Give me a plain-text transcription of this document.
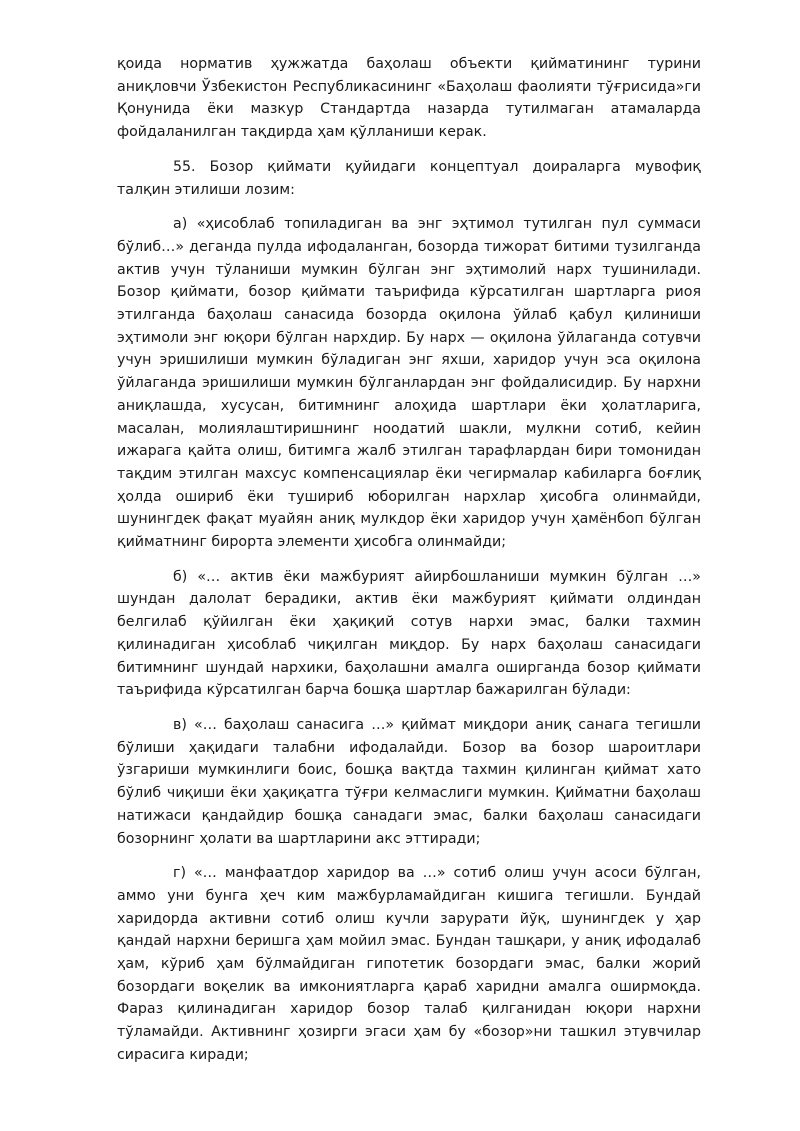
қоида норматив ҳужжатда баҳолаш объекти қийматининг турини аниқловчи Ўзбекистон Республикасининг «Баҳолаш фаолияти тўғрисида»ги Қонунида ёки мазкур Стандартда назарда тутилмаган атамаларда фойдаланилган тақдирда ҳам қўлланиши керак.

55. Бозор қиймати қуйидаги концептуал доираларга мувофиқ талқин этилиши лозим:

а) «ҳисоблаб топиладиган ва энг эҳтимол тутилган пул суммаси бўлиб…» деганда пулда ифодаланган, бозорда тижорат битими тузилганда актив учун тўланиши мумкин бўлган энг эҳтимолий нарх тушинилади. Бозор қиймати, бозор қиймати таърифида кўрсатилган шартларга риоя этилганда баҳолаш санасида бозорда оқилона ўйлаб қабул қилиниши эҳтимоли энг юқори бўлган нархдир. Бу нарх — оқилона ўйлаганда сотувчи учун эришилиши мумкин бўладиган энг яхши, харидор учун эса оқилона ўйлаганда эришилиши мумкин бўлганлардан энг фойдалисидир. Бу нархни аниқлашда, хусусан, битимнинг алоҳида шартлари ёки ҳолатларига, масалан, молиялаштиришнинг ноодатий шакли, мулкни сотиб, кейин ижарага қайта олиш, битимга жалб этилган тарафлардан бири томонидан тақдим этилган махсус компенсациялар ёки чегирмалар кабиларга боғлиқ ҳолда ошириб ёки тушириб юборилган нархлар ҳисобга олинмайди, шунингдек фақат муайян аниқ мулкдор ёки харидор учун ҳамёнбоп бўлган қийматнинг бирорта элементи ҳисобга олинмайди;

б) «… актив ёки мажбурият айирбошланиши мумкин бўлган …» шундан далолат берадики, актив ёки мажбурият қиймати олдиндан белгилаб қўйилган ёки ҳақиқий сотув нархи эмас, балки тахмин қилинадиган ҳисоблаб чиқилган миқдор. Бу нарх баҳолаш санасидаги битимнинг шундай нархики, баҳолашни амалга оширганда бозор қиймати таърифида кўрсатилган барча бошқа шартлар бажарилган бўлади:

в) «… баҳолаш санасига …» қиймат миқдори аниқ санага тегишли бўлиши ҳақидаги талабни ифодалайди. Бозор ва бозор шароитлари ўзгариши мумкинлиги боис, бошқа вақтда тахмин қилинган қиймат хато бўлиб чиқиши ёки ҳақиқатга тўғри келмаслиги мумкин. Қийматни баҳолаш натижаси қандайдир бошқа санадаги эмас, балки баҳолаш санасидаги бозорнинг ҳолати ва шартларини акс эттиради;

г) «… манфаатдор харидор ва …» сотиб олиш учун асоси бўлган, аммо уни бунга ҳеч ким мажбурламайдиган кишига тегишли. Бундай харидорда активни сотиб олиш кучли зарурати йўқ, шунингдек у ҳар қандай нархни беришга ҳам мойил эмас. Бундан ташқари, у аниқ ифодалаб ҳам, кўриб ҳам бўлмайдиган гипотетик бозордаги эмас, балки жорий бозордаги воқелик ва имкониятларга қараб харидни амалга оширмоқда. Фараз қилинадиган харидор бозор талаб қилганидан юқори нархни тўламайди. Активнинг ҳозирги эгаси ҳам бу «бозор»ни ташкил этувчилар сирасига киради;
